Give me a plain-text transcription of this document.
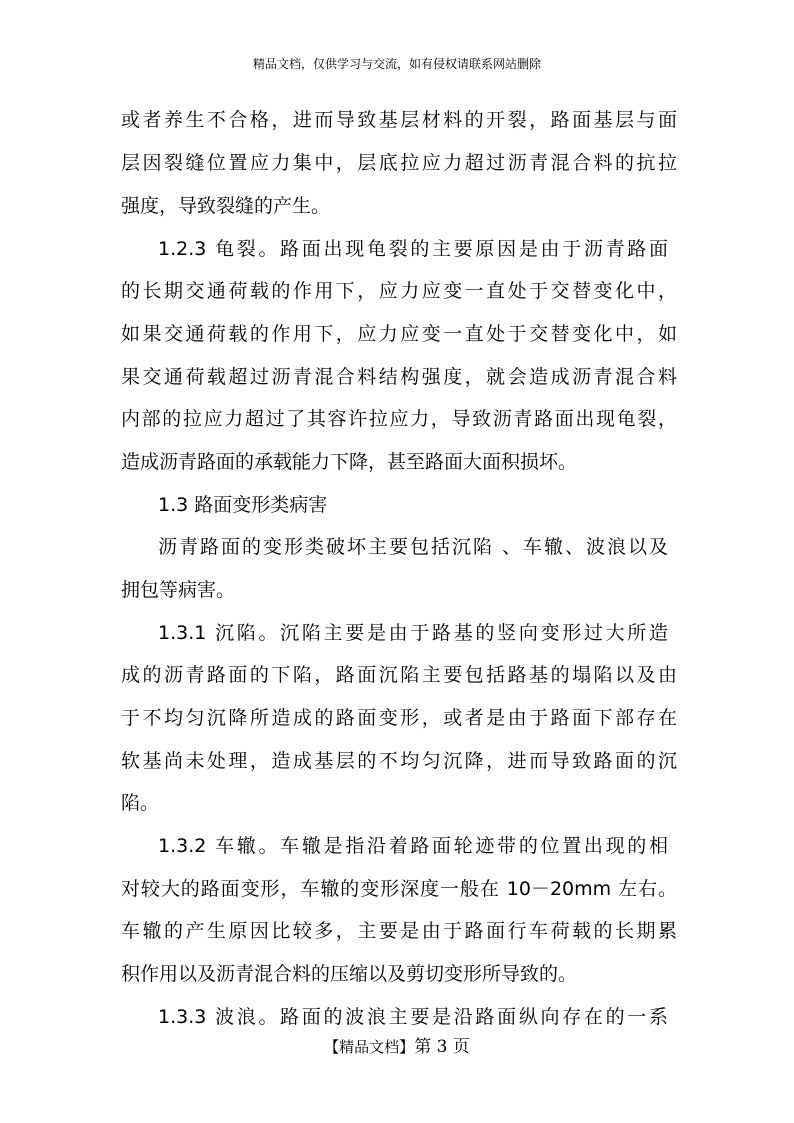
精品文档，仅供学习与交流，如有侵权请联系网站删除
或者养生不合格，进而导致基层材料的开裂，路面基层与面
层因裂缝位置应力集中，层底拉应力超过沥青混合料的抗拉
强度，导致裂缝的产生。
1.2.3 龟裂。路面出现龟裂的主要原因是由于沥青路面
的长期交通荷载的作用下，应力应变一直处于交替变化中，
如果交通荷载的作用下，应力应变一直处于交替变化中，如
果交通荷载超过沥青混合料结构强度，就会造成沥青混合料
内部的拉应力超过了其容许拉应力，导致沥青路面出现龟裂，
造成沥青路面的承载能力下降，甚至路面大面积损坏。
1.3 路面变形类病害
沥青路面的变形类破坏主要包括沉陷 、车辙、波浪以及
拥包等病害。
1.3.1 沉陷。沉陷主要是由于路基的竖向变形过大所造
成的沥青路面的下陷，路面沉陷主要包括路基的塌陷以及由
于不均匀沉降所造成的路面变形，或者是由于路面下部存在
软基尚未处理，造成基层的不均匀沉降，进而导致路面的沉
陷。
1.3.2 车辙。车辙是指沿着路面轮迹带的位置出现的相
对较大的路面变形，车辙的变形深度一般在 10－20mm 左右。
车辙的产生原因比较多，主要是由于路面行车荷载的长期累
积作用以及沥青混合料的压缩以及剪切变形所导致的。
1.3.3 波浪。路面的波浪主要是沿路面纵向存在的一系
【精品文档】第 3 页
